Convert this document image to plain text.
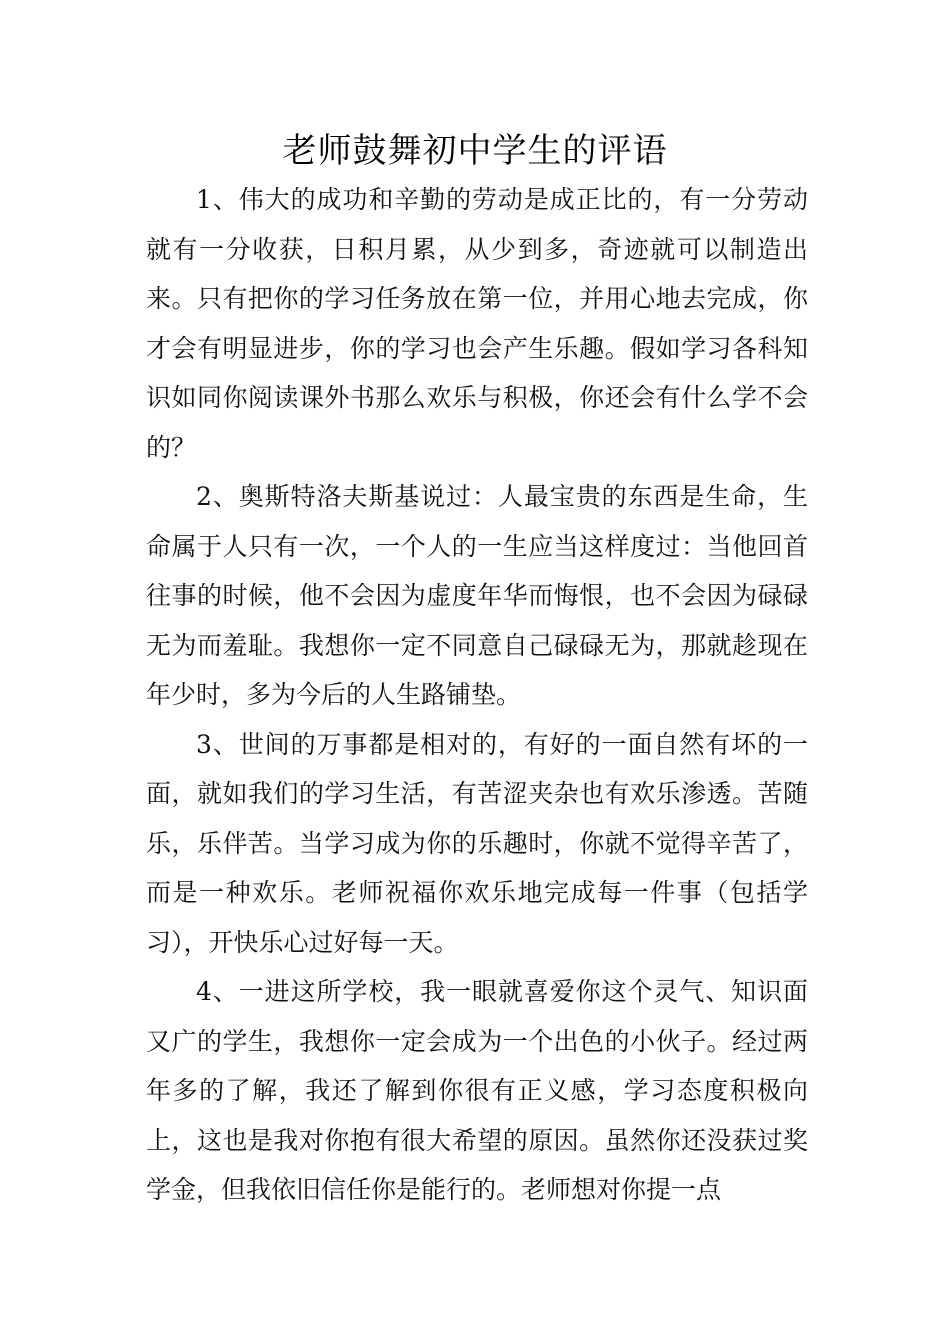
老师鼓舞初中学生的评语

1、伟大的成功和辛勤的劳动是成正比的，有一分劳动就有一分收获，日积月累，从少到多，奇迹就可以制造出来。只有把你的学习任务放在第一位，并用心地去完成，你才会有明显进步，你的学习也会产生乐趣。假如学习各科知识如同你阅读课外书那么欢乐与积极，你还会有什么学不会的？

2、奥斯特洛夫斯基说过：人最宝贵的东西是生命，生命属于人只有一次，一个人的一生应当这样度过：当他回首往事的时候，他不会因为虚度年华而悔恨，也不会因为碌碌无为而羞耻。我想你一定不同意自己碌碌无为，那就趁现在年少时，多为今后的人生路铺垫。

3、世间的万事都是相对的，有好的一面自然有坏的一面，就如我们的学习生活，有苦涩夹杂也有欢乐渗透。苦随乐，乐伴苦。当学习成为你的乐趣时，你就不觉得辛苦了，而是一种欢乐。老师祝福你欢乐地完成每一件事（包括学习），开快乐心过好每一天。

4、一进这所学校，我一眼就喜爱你这个灵气、知识面又广的学生，我想你一定会成为一个出色的小伙子。经过两年多的了解，我还了解到你很有正义感，学习态度积极向上，这也是我对你抱有很大希望的原因。虽然你还没获过奖学金，但我依旧信任你是能行的。老师想对你提一点
